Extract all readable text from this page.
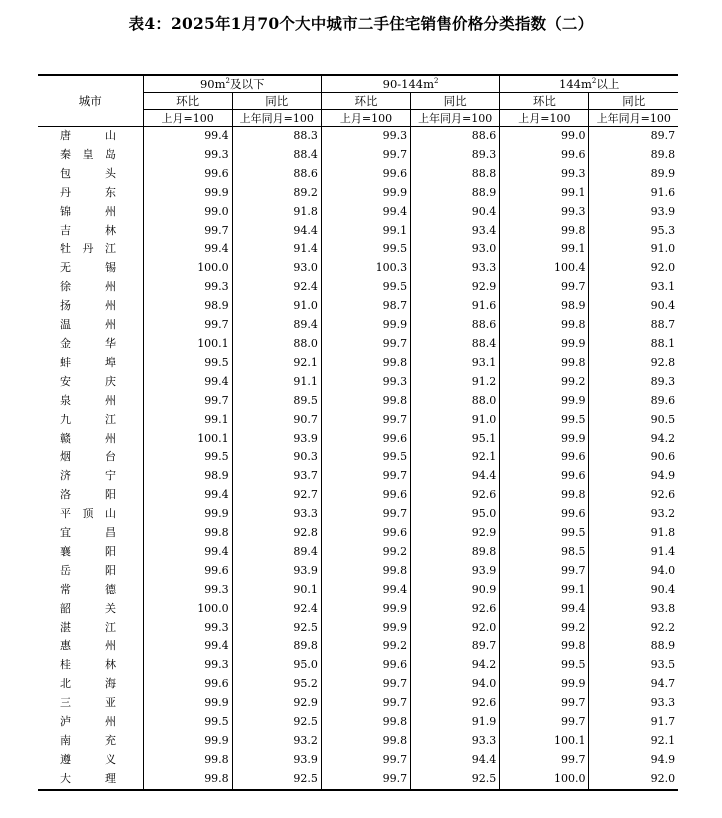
表4：2025年1月70个大中城市二手住宅销售价格分类指数（二）
城市	$90m^2$及以下		$90-144m^2$		$144m^2$以上	
	环比	同比	环比	同比	环比	同比
	上月=100	上年同月=100	上月=100	上年同月=100	上月=100	上年同月=100
唐山	99.4	88.3	99.3	88.6	99.0	89.7
秦皇岛	99.3	88.4	99.7	89.3	99.6	89.8
包头	99.6	88.6	99.6	88.8	99.3	89.9
丹东	99.9	89.2	99.9	88.9	99.1	91.6
锦州	99.0	91.8	99.4	90.4	99.3	93.9
吉林	99.7	94.4	99.1	93.4	99.8	95.3
牡丹江	99.4	91.4	99.5	93.0	99.1	91.0
无锡	100.0	93.0	100.3	93.3	100.4	92.0
徐州	99.3	92.4	99.5	92.9	99.7	93.1
扬州	98.9	91.0	98.7	91.6	98.9	90.4
温州	99.7	89.4	99.9	88.6	99.8	88.7
金华	100.1	88.0	99.7	88.4	99.9	88.1
蚌埠	99.5	92.1	99.8	93.1	99.8	92.8
安庆	99.4	91.1	99.3	91.2	99.2	89.3
泉州	99.7	89.5	99.8	88.0	99.9	89.6
九江	99.1	90.7	99.7	91.0	99.5	90.5
赣州	100.1	93.9	99.6	95.1	99.9	94.2
烟台	99.5	90.3	99.5	92.1	99.6	90.6
济宁	98.9	93.7	99.7	94.4	99.6	94.9
洛阳	99.4	92.7	99.6	92.6	99.8	92.6
平顶山	99.9	93.3	99.7	95.0	99.6	93.2
宜昌	99.8	92.8	99.6	92.9	99.5	91.8
襄阳	99.4	89.4	99.2	89.8	98.5	91.4
岳阳	99.6	93.9	99.8	93.9	99.7	94.0
常德	99.3	90.1	99.4	90.9	99.1	90.4
韶关	100.0	92.4	99.9	92.6	99.4	93.8
湛江	99.3	92.5	99.9	92.0	99.2	92.2
惠州	99.4	89.8	99.2	89.7	99.8	88.9
桂林	99.3	95.0	99.6	94.2	99.5	93.5
北海	99.6	95.2	99.7	94.0	99.9	94.7
三亚	99.9	92.9	99.7	92.6	99.7	93.3
泸州	99.5	92.5	99.8	91.9	99.7	91.7
南充	99.9	93.2	99.8	93.3	100.1	92.1
遵义	99.8	93.9	99.7	94.4	99.7	94.9
大理	99.8	92.5	99.7	92.5	100.0	92.0
